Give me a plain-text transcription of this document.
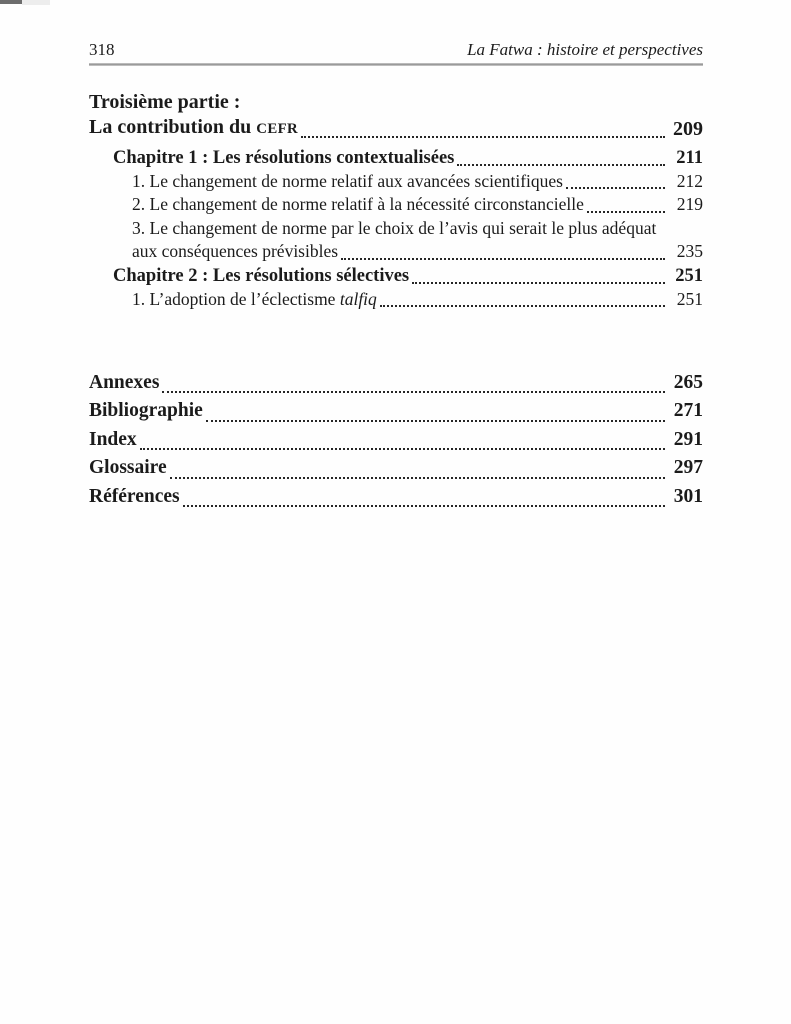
318	La Fatwa : histoire et perspectives
Troisième partie :
La contribution du CEFR	209
Chapitre 1 : Les résolutions contextualisées	211
1. Le changement de norme relatif aux avancées scientifiques	212
2. Le changement de norme relatif à la nécessité circonstancielle	219
3. Le changement de norme par le choix de l’avis qui serait le plus adéquat
aux conséquences prévisibles	235
Chapitre 2 : Les résolutions sélectives	251
1. L’adoption de l’éclectisme talfiq	251
Annexes	265
Bibliographie	271
Index	291
Glossaire	297
Références	301
